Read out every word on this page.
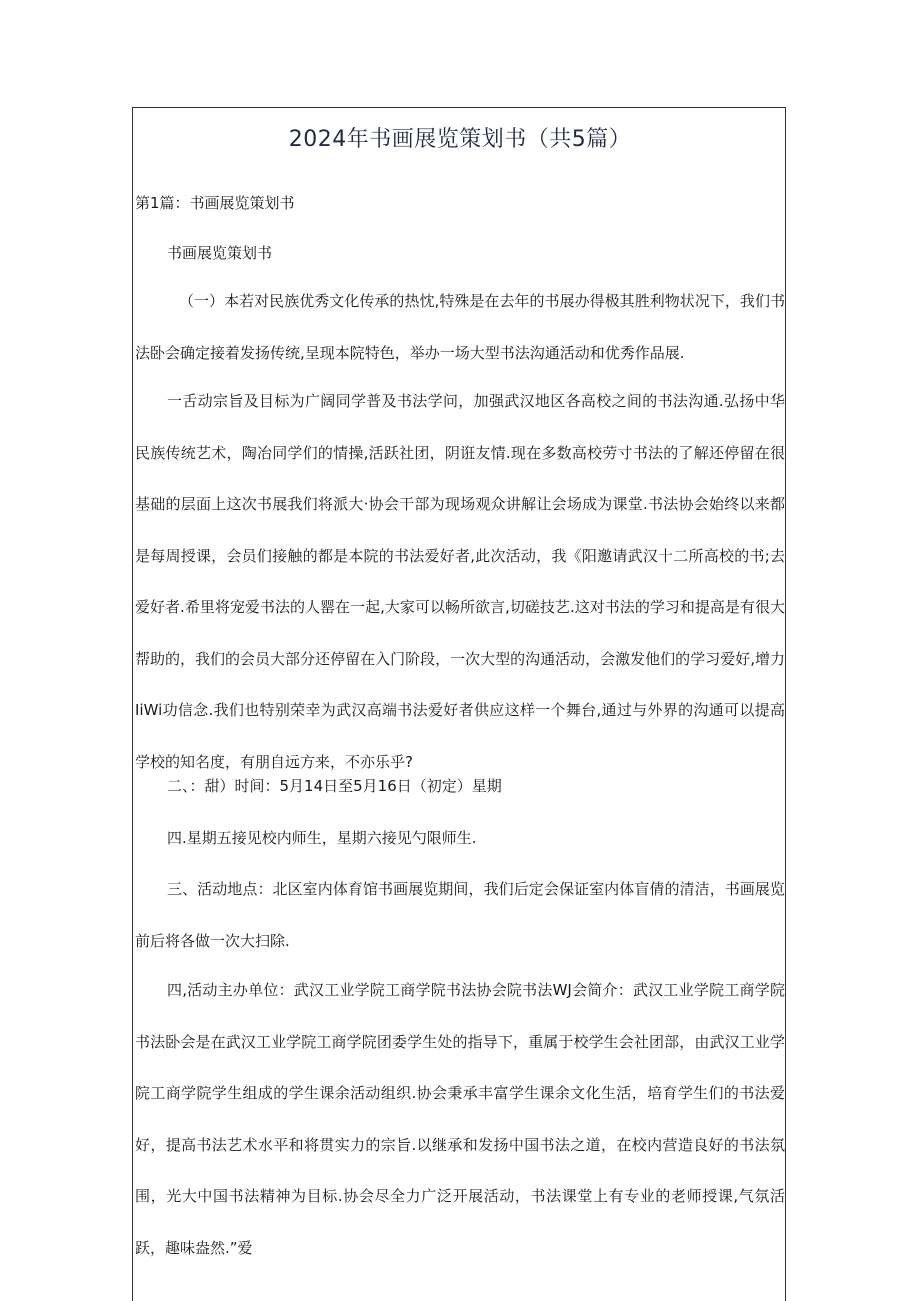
2024年书画展览策划书（共5篇）
第1篇：书画展览策划书
书画展览策划书

（一）本若对民族优秀文化传承的热忱,特殊是在去年的书展办得极其胜利物状况下，我们书法卧会确定接着发扬传统,呈现本院特色，举办一场大型书法沟通活动和优秀作品展.

一舌动宗旨及目标为广阔同学普及书法学问，加强武汉地区各高校之间的书法沟通.弘扬中华民族传统艺术，陶冶同学们的情操,活跃社团，阴诳友情.现在多数高校劳寸书法的了解还停留在很基础的层面上这次书展我们将派大·协会干部为现场观众讲解让会场成为课堂.书法协会始终以来都是每周授课，会员们接触的都是本院的书法爱好者,此次活动，我《阳邀请武汉十二所高校的书;去爱好者.希里将宠爱书法的人罂在一起,大家可以畅所欲言,切磋技艺.这对书法的学习和提高是有很大帮助的，我们的会员大部分还停留在入门阶段，一次大型的沟通活动，会激发他们的学习爱好,增力IiWi功信念.我们也特别荣幸为武汉高端书法爱好者供应这样一个舞台,通过与外界的沟通可以提高学校的知名度，有朋自远方来，不亦乐乎?

二、：甜）时间：5月14日至5月16日（初定）星期

四.星期五接见校内师生，星期六接见勺限师生.

三、活动地点：北区室内体育馆书画展览期间，我们后定会保证室内体盲倩的清洁，书画展览前后将各做一次大扫除.

四,活动主办单位：武汉工业学院工商学院书法协会院书法WJ会简介：武汉工业学院工商学院书法卧会是在武汉工业学院工商学院团委学生处的指导下，重属于校学生会社团部，由武汉工业学院工商学院学生组成的学生课余活动组织.协会秉承丰富学生课余文化生活，培育学生们的书法爱好，提高书法艺术水平和将贯实力的宗旨.以继承和发扬中国书法之道，在校内营造良好的书法氛围，光大中国书法精神为目标.协会尽全力广泛开展活动，书法课堂上有专业的老师授课,气氛活跃，趣味盎然.”爱
